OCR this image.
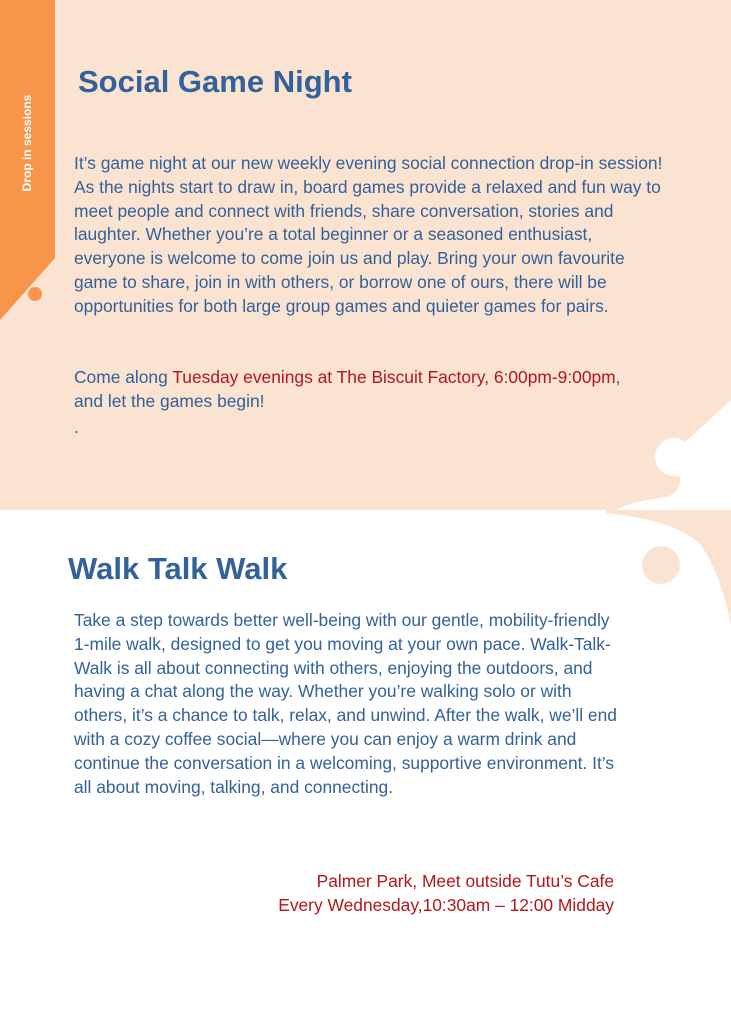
Drop in sessions
Social Game Night

It’s game night at our new weekly evening social connection drop-in session! As the nights start to draw in, board games provide a relaxed and fun way to meet people and connect with friends, share conversation, stories and laughter. Whether you’re a total beginner or a seasoned enthusiast, everyone is welcome to come join us and play. Bring your own favourite game to share, join in with others, or borrow one of ours, there will be opportunities for both large group games and quieter games for pairs.

Come along Tuesday evenings at The Biscuit Factory, 6:00pm-9:00pm, and let the games begin!

.

Walk Talk Walk

Take a step towards better well-being with our gentle, mobility-friendly 1-mile walk, designed to get you moving at your own pace. Walk-Talk-Walk is all about connecting with others, enjoying the outdoors, and having a chat along the way. Whether you’re walking solo or with others, it’s a chance to talk, relax, and unwind. After the walk, we’ll end with a cozy coffee social—where you can enjoy a warm drink and continue the conversation in a welcoming, supportive environment. It’s all about moving, talking, and connecting.

Palmer Park, Meet outside Tutu’s Cafe
Every Wednesday,10:30am – 12:00 Midday
